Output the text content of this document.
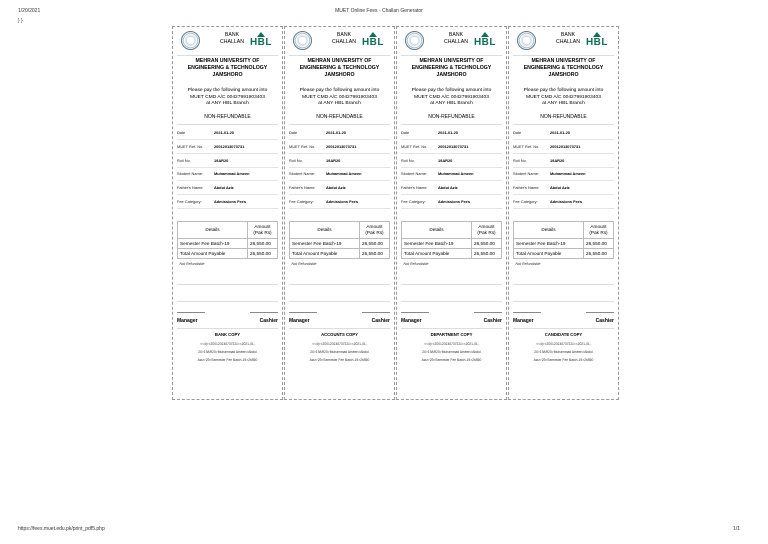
1/20/2021	MUET Online Fees - Challan Generator
} }
BANK
CHALLAN HBL
MEHRAN UNIVERSITY OF
ENGINEERING & TECHNOLOGY
JAMSHORO
Please pay the following amount into
MUET CMD A/C 00427991903403
at ANY HBL Branch
NON-REFUNDABLE
Date	2021-01-20
MUET Ref. No.	20012013073731
Roll No.	19AR20
Student Name:	Muhammad Ameen
Father's Name:	Abdul Aziz
Fee Category:	Admissions Fees
Details	Amount
(Pak Rs)

Semester Fee Batch-19	26,550.00
Total Amount Payable	26,550.00
Not Refundable	
Manager	Cashier
BANK COPY
<<4|<<200120130737311<<2021-01-
20>19AR20>Muhammad Ameen>Abdul
Aziz>29>Semester Fee Batch-19>26550
BANK
CHALLAN HBL
MEHRAN UNIVERSITY OF
ENGINEERING & TECHNOLOGY
JAMSHORO
Please pay the following amount into
MUET CMD A/C 00427991903403
at ANY HBL Branch
NON-REFUNDABLE
Date	2021-01-20
MUET Ref. No.	20012013073731
Roll No.	19AR20
Student Name:	Muhammad Ameen
Father's Name:	Abdul Aziz
Fee Category:	Admissions Fees
Details	Amount
(Pak Rs)

Semester Fee Batch-19	26,550.00
Total Amount Payable	26,550.00
Not Refundable	
Manager	Cashier
ACCOUNTS COPY
<<4|<<200120130737311<<2021-01-
20>19AR20>Muhammad Ameen>Abdul
Aziz>29>Semester Fee Batch-19>26550
BANK
CHALLAN HBL
MEHRAN UNIVERSITY OF
ENGINEERING & TECHNOLOGY
JAMSHORO
Please pay the following amount into
MUET CMD A/C 00427991903403
at ANY HBL Branch
NON-REFUNDABLE
Date	2021-01-20
MUET Ref. No.	20012013073731
Roll No.	19AR20
Student Name:	Muhammad Ameen
Father's Name:	Abdul Aziz
Fee Category:	Admissions Fees
Details	Amount
(Pak Rs)

Semester Fee Batch-19	26,550.00
Total Amount Payable	26,550.00
Not Refundable	
Manager	Cashier
DEPARTMENT COPY
<<4|<<200120130737311<<2021-01-
20>19AR20>Muhammad Ameen>Abdul
Aziz>29>Semester Fee Batch-19>26550
BANK
CHALLAN HBL
MEHRAN UNIVERSITY OF
ENGINEERING & TECHNOLOGY
JAMSHORO
Please pay the following amount into
MUET CMD A/C 00427991903403
at ANY HBL Branch
NON-REFUNDABLE
Date	2021-01-20
MUET Ref. No.	20012013073731
Roll No.	19AR20
Student Name:	Muhammad Ameen
Father's Name:	Abdul Aziz
Fee Category:	Admissions Fees
Details	Amount
(Pak Rs)

Semester Fee Batch-19	26,550.00
Total Amount Payable	26,550.00
Not Refundable	
Manager	Cashier
CANDIDATE COPY
<<4|<<200120130737311<<2021-01-
20>19AR20>Muhammad Ameen>Abdul
Aziz>29>Semester Fee Batch-19>26550
https://fees.muet.edu.pk/print_pdf5.php	1/1
